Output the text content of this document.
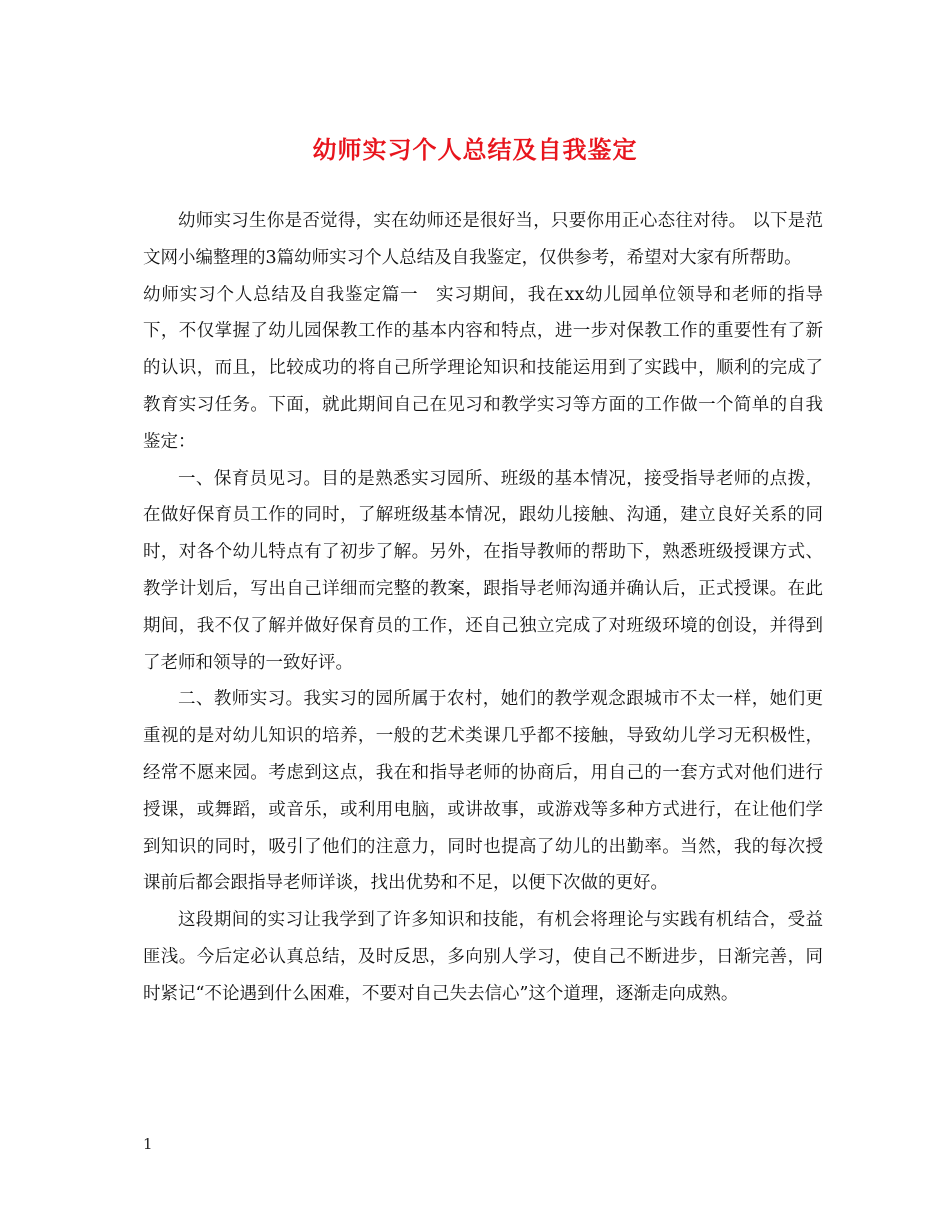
幼师实习个人总结及自我鉴定

幼师实习生你是否觉得，实在幼师还是很好当，只要你用正心态往对待。 以下是范文网小编整理的3篇幼师实习个人总结及自我鉴定，仅供参考，希望对大家有所帮助。

幼师实习个人总结及自我鉴定篇一 实习期间，我在xx幼儿园单位领导和老师的指导下，不仅掌握了幼儿园保教工作的基本内容和特点，进一步对保教工作的重要性有了新的认识，而且，比较成功的将自己所学理论知识和技能运用到了实践中，顺利的完成了教育实习任务。下面，就此期间自己在见习和教学实习等方面的工作做一个简单的自我鉴定：

一、保育员见习。目的是熟悉实习园所、班级的基本情况，接受指导老师的点拨，在做好保育员工作的同时，了解班级基本情况，跟幼儿接触、沟通，建立良好关系的同时，对各个幼儿特点有了初步了解。另外，在指导教师的帮助下，熟悉班级授课方式、教学计划后，写出自己详细而完整的教案，跟指导老师沟通并确认后，正式授课。在此期间，我不仅了解并做好保育员的工作，还自己独立完成了对班级环境的创设，并得到了老师和领导的一致好评。

二、教师实习。我实习的园所属于农村，她们的教学观念跟城市不太一样，她们更重视的是对幼儿知识的培养，一般的艺术类课几乎都不接触，导致幼儿学习无积极性，经常不愿来园。考虑到这点，我在和指导老师的协商后，用自己的一套方式对他们进行授课，或舞蹈，或音乐，或利用电脑，或讲故事，或游戏等多种方式进行，在让他们学到知识的同时，吸引了他们的注意力，同时也提高了幼儿的出勤率。当然，我的每次授课前后都会跟指导老师详谈，找出优势和不足，以便下次做的更好。

这段期间的实习让我学到了许多知识和技能，有机会将理论与实践有机结合，受益匪浅。今后定必认真总结，及时反思，多向别人学习，使自己不断进步，日渐完善，同时紧记“不论遇到什么困难，不要对自己失去信心”这个道理，逐渐走向成熟。

1
